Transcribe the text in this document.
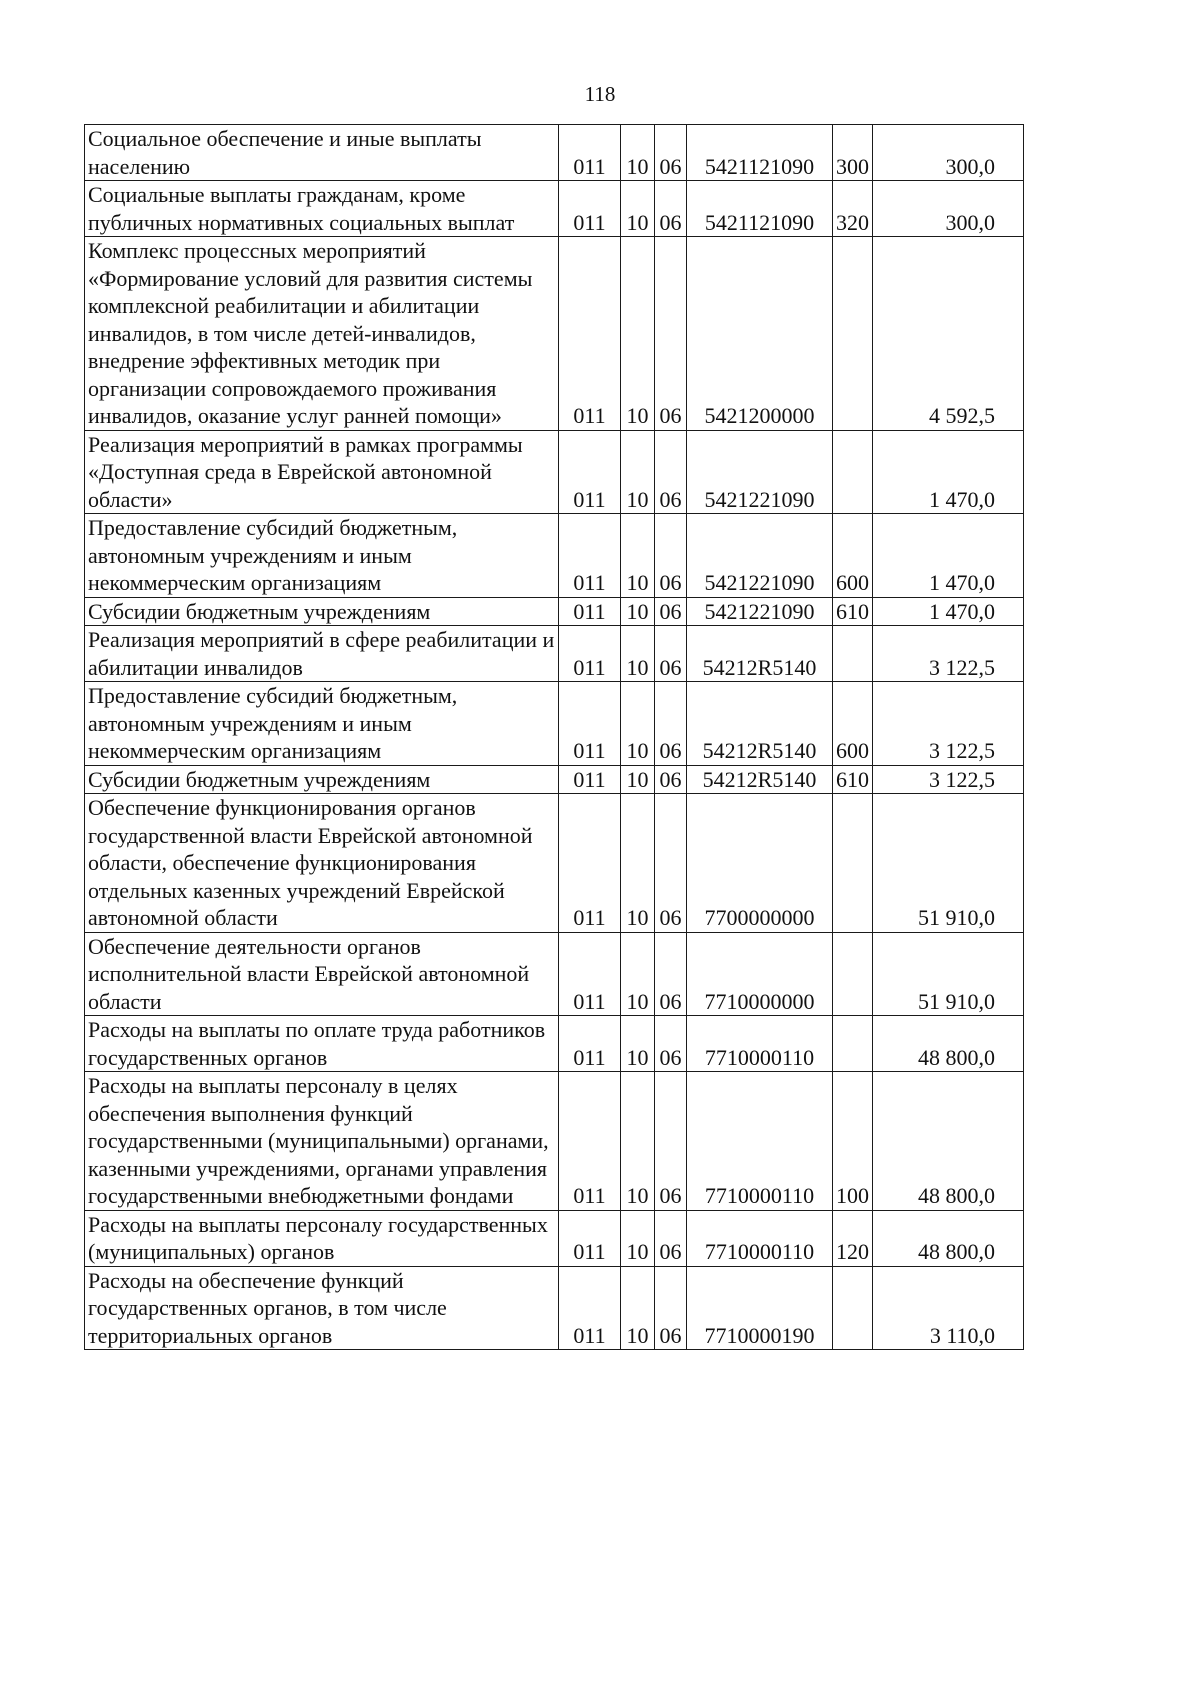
118
Социальное обеспечение и иные выплаты населению	011	10	06	5421121090	300	300,0
Социальные выплаты гражданам, кроме публичных нормативных социальных выплат	011	10	06	5421121090	320	300,0
Комплекс процессных мероприятий «Формирование условий для развития системы комплексной реабилитации и абилитации инвалидов, в том числе детей-инвалидов, внедрение эффективных методик при организации сопровождаемого проживания инвалидов, оказание услуг ранней помощи»	011	10	06	5421200000		4 592,5
Реализация мероприятий в рамках программы «Доступная среда в Еврейской автономной области»	011	10	06	5421221090		1 470,0
Предоставление субсидий бюджетным, автономным учреждениям и иным некоммерческим организациям	011	10	06	5421221090	600	1 470,0
Субсидии бюджетным учреждениям	011	10	06	5421221090	610	1 470,0
Реализация мероприятий в сфере реабилитации и абилитации инвалидов	011	10	06	54212R5140		3 122,5
Предоставление субсидий бюджетным, автономным учреждениям и иным некоммерческим организациям	011	10	06	54212R5140	600	3 122,5
Субсидии бюджетным учреждениям	011	10	06	54212R5140	610	3 122,5
Обеспечение функционирования органов государственной власти Еврейской автономной области, обеспечение функционирования отдельных казенных учреждений Еврейской автономной области	011	10	06	7700000000		51 910,0
Обеспечение деятельности органов исполнительной власти Еврейской автономной области	011	10	06	7710000000		51 910,0
Расходы на выплаты по оплате труда работников государственных органов	011	10	06	7710000110		48 800,0
Расходы на выплаты персоналу в целях обеспечения выполнения функций государственными (муниципальными) органами, казенными учреждениями, органами управления государственными внебюджетными фондами	011	10	06	7710000110	100	48 800,0
Расходы на выплаты персоналу государственных (муниципальных) органов	011	10	06	7710000110	120	48 800,0
Расходы на обеспечение функций государственных органов, в том числе территориальных органов	011	10	06	7710000190		3 110,0
